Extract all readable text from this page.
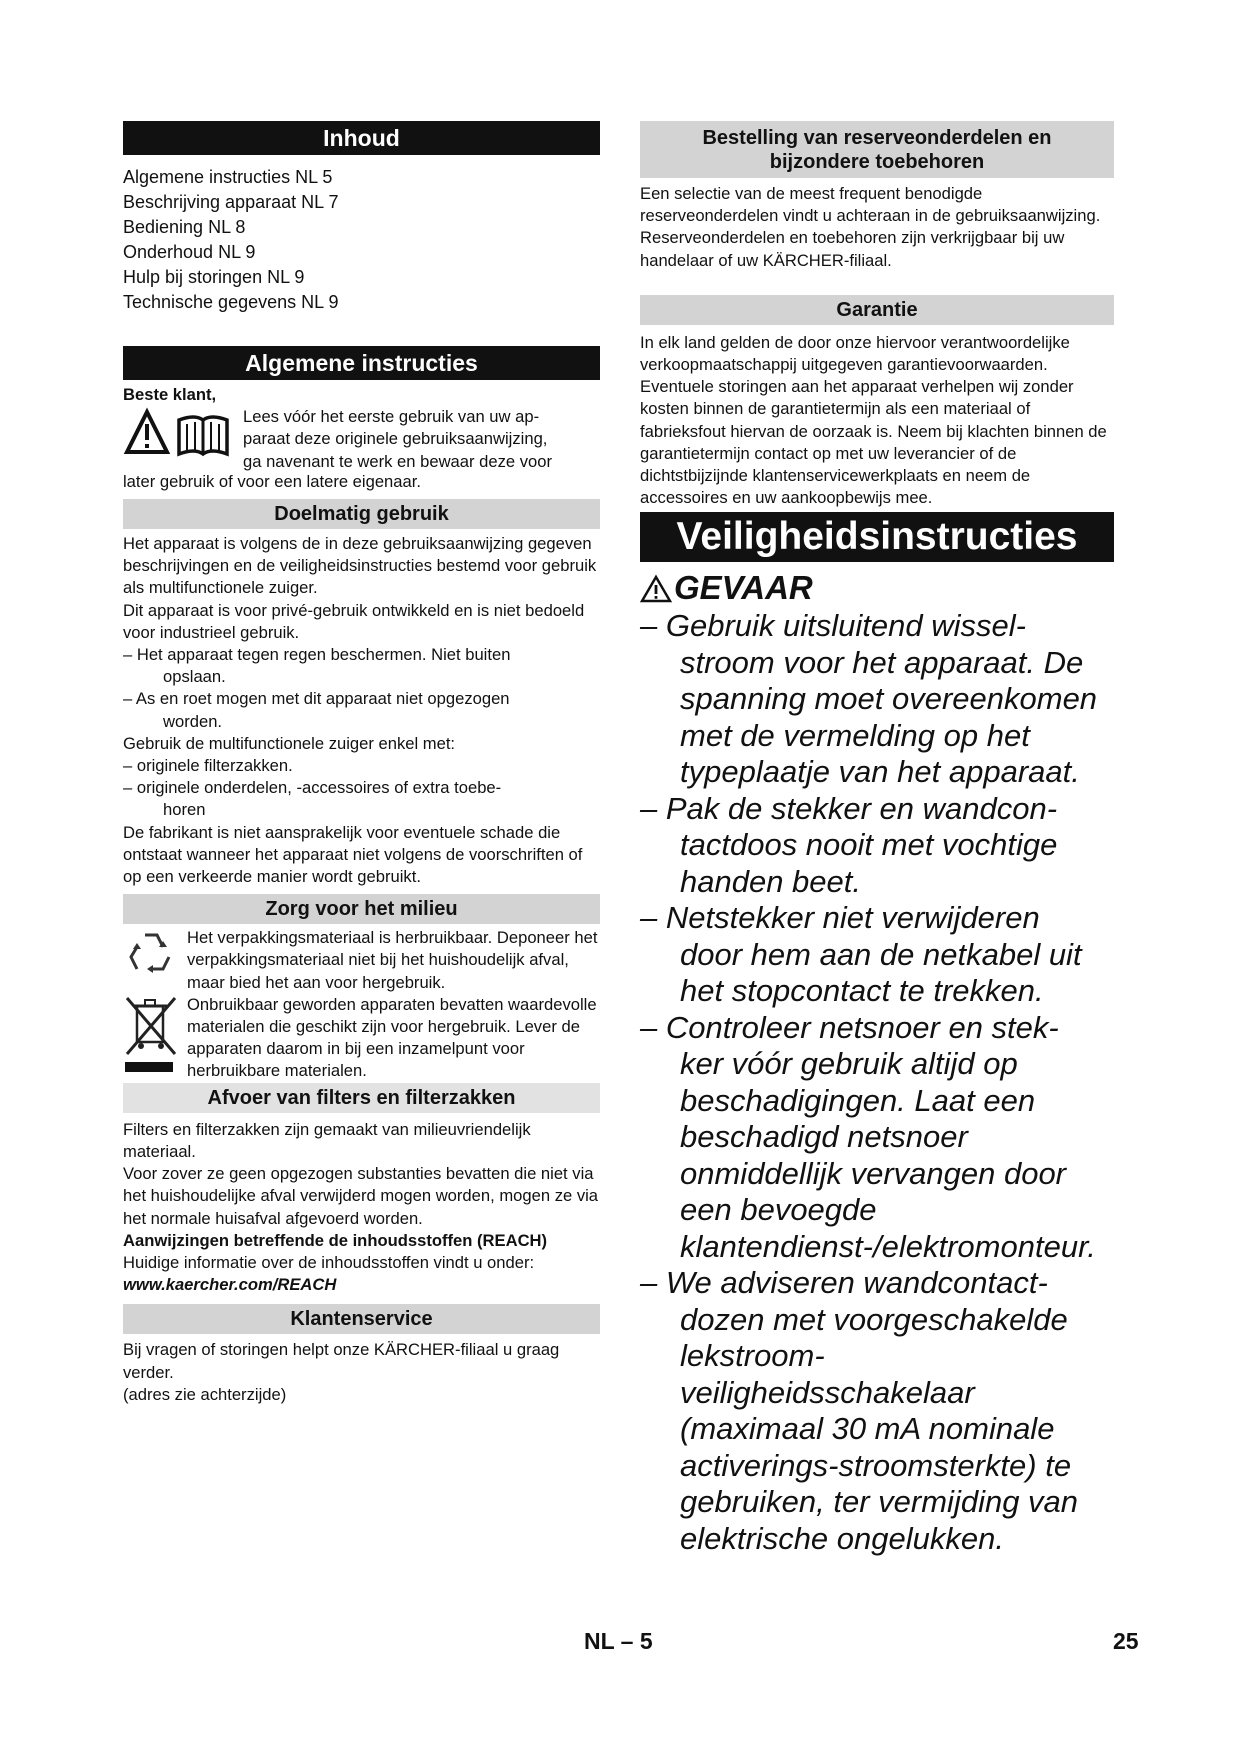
Inhoud
Algemene instructies NL 5
Beschrijving apparaat NL 7
Bediening NL 8
Onderhoud NL 9
Hulp bij storingen NL 9
Technische gegevens NL 9
Algemene instructies

Beste klant,

Lees vóór het eerste gebruik van uw ap-

paraat deze originele gebruiksaanwijzing,

ga navenant te werk en bewaar deze voor

later gebruik of voor een latere eigenaar.

Doelmatig gebruik

Het apparaat is volgens de in deze gebruiksaanwijzing gegeven beschrijvingen en de veiligheidsinstructies bestemd voor gebruik als multifunctionele zuiger.

Dit apparaat is voor privé-gebruik ontwikkeld en is niet bedoeld voor industrieel gebruik.

– Het apparaat tegen regen beschermen. Niet buiten
opslaan.

– As en roet mogen met dit apparaat niet opgezogen
worden.

Gebruik de multifunctionele zuiger enkel met:

– originele filterzakken.

– originele onderdelen, -accessoires of extra toebe-
horen

De fabrikant is niet aansprakelijk voor eventuele schade die ontstaat wanneer het apparaat niet volgens de voorschriften of op een verkeerde manier wordt gebruikt.

Zorg voor het milieu

Het verpakkingsmateriaal is herbruikbaar. Deponeer het verpakkingsmateriaal niet bij het huishoudelijk afval, maar bied het aan voor hergebruik.

Onbruikbaar geworden apparaten bevatten waardevolle materialen die geschikt zijn voor hergebruik. Lever de apparaten daarom in bij een inzamelpunt voor herbruikbare materialen.

Afvoer van filters en filterzakken

Filters en filterzakken zijn gemaakt van milieuvriendelijk materiaal.

Voor zover ze geen opgezogen substanties bevatten die niet via het huishoudelijke afval verwijderd mogen worden, mogen ze via het normale huisafval afgevoerd worden.

Aanwijzingen betreffende de inhoudsstoffen (REACH)

Huidige informatie over de inhoudsstoffen vindt u onder:

www.kaercher.com/REACH

Klantenservice

Bij vragen of storingen helpt onze KÄRCHER-filiaal u graag verder.

(adres zie achterzijde)

Bestelling van reserveonderdelen en
bijzondere toebehoren

Een selectie van de meest frequent benodigde reserveonderdelen vindt u achteraan in de gebruiksaanwijzing. Reserveonderdelen en toebehoren zijn verkrijgbaar bij uw handelaar of uw KÄRCHER-filiaal.

Garantie

In elk land gelden de door onze hiervoor verantwoordelijke verkoopmaatschappij uitgegeven garantievoorwaarden. Eventuele storingen aan het apparaat verhelpen wij zonder kosten binnen de garantietermijn als een materiaal of fabrieksfout hiervan de oorzaak is. Neem bij klachten binnen de garantietermijn contact op met uw leverancier of de dichtstbijzijnde klantenservicewerkplaats en neem de accessoires en uw aankoopbewijs mee.

Veiligheidsinstructies
GEVAAR
– Gebruik uitsluitend wissel-
stroom voor het apparaat. De spanning moet overeenkomen met de vermelding op het typeplaatje van het apparaat.
– Pak de stekker en wandcon-
tactdoos nooit met vochtige handen beet.
– Netstekker niet verwijderen
door hem aan de netkabel uit het stopcontact te trekken.
– Controleer netsnoer en stek-
ker vóór gebruik altijd op beschadigingen. Laat een beschadigd netsnoer onmiddellijk vervangen door een bevoegde klantendienst-/elektromonteur.
– We adviseren wandcontact-
dozen met voorgeschakelde lekstroom-veiligheidsschakelaar (maximaal 30 mA nominale activerings-stroomsterkte) te gebruiken, ter vermijding van elektrische ongelukken.
NL – 5	25
